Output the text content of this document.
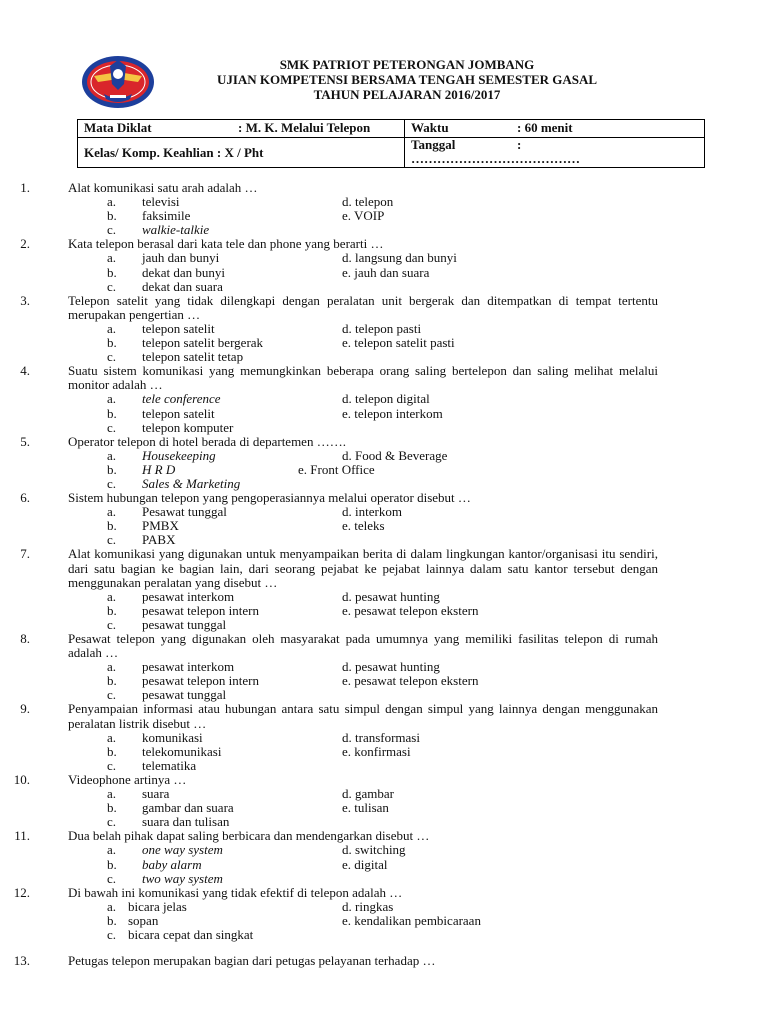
SMK PATRIOT PETERONGAN JOMBANG
UJIAN KOMPETENSI BERSAMA TENGAH SEMESTER GASAL
TAHUN PELAJARAN 2016/2017
Mata Diklat : M. K. Melalui Telepon	Waktu : 60 menit
Kelas/ Komp. Keahlian : X / Pht	Tanggal :
…………………………………
1.	Alat komunikasi satu arah adalah …
a.	televisi	d. telepon
b.	faksimile	e. VOIP
c.	walkie-talkie
2.	Kata telepon berasal dari kata tele dan phone yang berarti …
a.	jauh dan bunyi	d. langsung dan bunyi
b.	dekat dan bunyi	e. jauh dan suara
c.	dekat dan suara
3.	Telepon satelit yang tidak dilengkapi dengan peralatan unit bergerak dan ditempatkan di tempat tertentu merupakan pengertian …
a.	telepon satelit	d. telepon pasti
b.	telepon satelit bergerak	e. telepon satelit pasti
c.	telepon satelit tetap
4.	Suatu sistem komunikasi yang memungkinkan beberapa orang saling bertelepon dan saling melihat melalui monitor adalah …
a.	tele conference	d. telepon digital
b.	telepon satelit	e. telepon interkom
c.	telepon komputer
5.	Operator telepon di hotel berada di departemen …….
a.	Housekeeping	d. Food & Beverage
b.	H R D	e. Front Office
c.	Sales & Marketing
6.	Sistem hubungan telepon yang pengoperasiannya melalui operator disebut …
a.	Pesawat tunggal	d. interkom
b.	PMBX	e. teleks
c.	PABX
7.	Alat komunikasi yang digunakan untuk menyampaikan berita di dalam lingkungan kantor/organisasi itu sendiri, dari satu bagian ke bagian lain, dari seorang pejabat ke pejabat lainnya dalam satu kantor tersebut dengan menggunakan peralatan yang disebut …
a.	pesawat interkom	d. pesawat hunting
b.	pesawat telepon intern	e. pesawat telepon ekstern
c.	pesawat tunggal
8.	Pesawat telepon yang digunakan oleh masyarakat pada umumnya yang memiliki fasilitas telepon di rumah adalah …
a.	pesawat interkom	d. pesawat hunting
b.	pesawat telepon intern	e. pesawat telepon ekstern
c.	pesawat tunggal
9.	Penyampaian informasi atau hubungan antara satu simpul dengan simpul yang lainnya dengan menggunakan peralatan listrik disebut …
a.	komunikasi	d. transformasi
b.	telekomunikasi	e. konfirmasi
c.	telematika
10.	Videophone artinya …
a.	suara	d. gambar
b.	gambar dan suara	e. tulisan
c.	suara dan tulisan
11.	Dua belah pihak dapat saling berbicara dan mendengarkan disebut …
a.	one way system	d. switching
b.	baby alarm	e. digital
c.	two way system
12.	Di bawah ini komunikasi yang tidak efektif di telepon adalah …
a. bicara jelas	d. ringkas
b. sopan	e. kendalikan pembicaraan
c. bicara cepat dan singkat
13.	Petugas telepon merupakan bagian dari petugas pelayanan terhadap …
